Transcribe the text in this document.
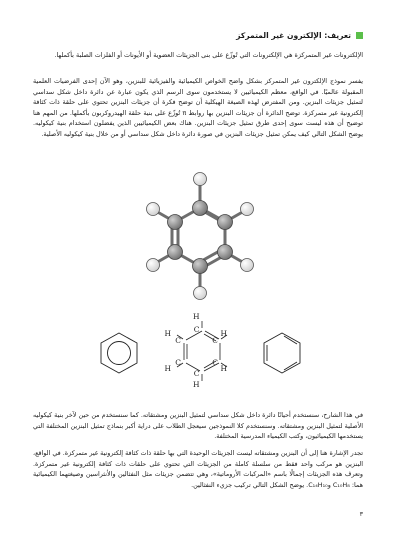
تعريف: الإلكترون غير المتمركز

الإلكترونات غير المتمركزة هي الإلكترونات التي تُوزّع على بنى الجزيئات العضوية أو الأيونات أو الفلزات الصلبة بأكملها.

يفسر نموذج الإلكترون غير المتمركز بشكل واضح الخواص الكيميائية والفيزيائية للبنزين، وهو الآن إحدى الفرضيات العلمية المقبولة عالميًا. في الواقع، معظم الكيميائيين لا يستخدمون سوى الرسم الذي يكون عبارة عن دائرة داخل شكل سداسي لتمثيل جزيئات البنزين. ومن المفترض لهذه الصيغة الهيكلية أن توضح فكرة أن جزيئات البنزين تحتوي على حلقة ذات كثافة إلكترونية غير متمركزة. توضح الدائرة أن جزيئات البنزين بها روابط π تُوزّع على بنية حلقة الهيدروكربون بأكملها. من المهم هنا توضيح أن هذه ليست سوى إحدى طرق تمثيل جزيئات البنزين. هناك بعض الكيميائيين الذين يفضلون استخدام بنية كيكوليه. يوضح الشكل التالي كيف يمكن تمثيل جزيئات البنزين في صورة دائرة داخل شكل سداسي أو من خلال بنية كيكوليه الأصلية.

C
C	C
C	C
C
H
H	H
H	H
H

في هذا الشارح، سنستخدم أحيانًا دائرة داخل شكل سداسي لتمثيل البنزين ومشتقاته. كما سنستخدم من حين لآخر بنية كيكوليه الأصلية لتمثيل البنزين ومشتقاته. وسنستخدم كلا النموذجين سيعجل الطلاب على دراية أكبر بنماذج تمثيل البنزين المختلفة التي يستخدمها الكيميائيون، وكتب الكيمياء المدرسية المختلفة.

تجدر الإشارة هنا إلى أن البنزين ومشتقاته ليست الجزيئات الوحيدة التي بها حلقة ذات كثافة إلكترونية غير متمركزة. في الواقع، البنزين هو مركب واحد فقط من سلسلة كاملة من الجزيئات التي تحتوي على حلقات ذات كثافة إلكترونية غير متمركزة. وتعرف هذه الجزيئات إجمالًا باسم «المركبات الأروماتية»، وهي تتضمن جزيئات مثل النفثالين والأنثراسين وصيغتهما الكيميائية هما: C₁₀H₈ وC₁₄H₁₀. يوضح الشكل التالي تركيب جزيء النفثالين.

٣
